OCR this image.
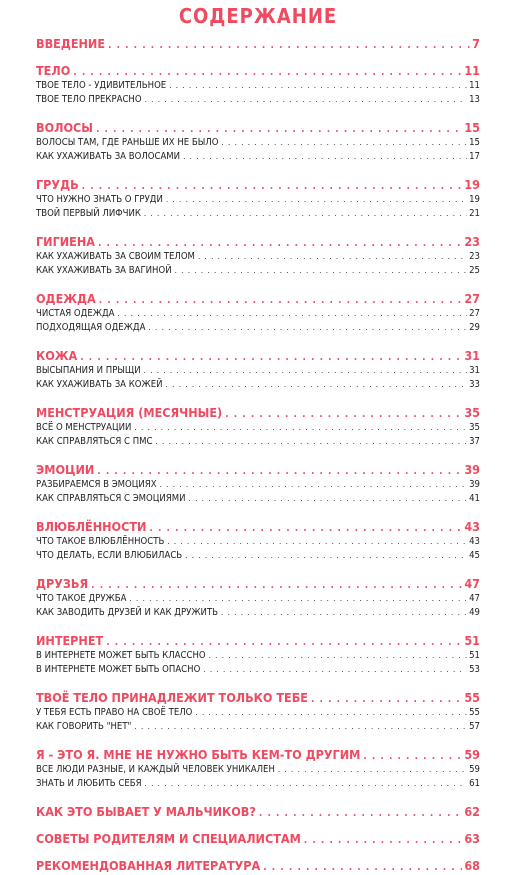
СОДЕРЖАНИЕ
ВВЕДЕНИЕ . . .	7
ТЕЛО . . .	11
ТВОЕ ТЕЛО - УДИВИТЕЛЬНОЕ . . .	11
ТВОЕ ТЕЛО ПРЕКРАСНО . . .	13
ВОЛОСЫ . . .	15
ВОЛОСЫ ТАМ, ГДЕ РАНЬШЕ ИХ НЕ БЫЛО . . .	15
КАК УХАЖИВАТЬ ЗА ВОЛОСАМИ . . .	17
ГРУДЬ . . .	19
ЧТО НУЖНО ЗНАТЬ О ГРУДИ . . .	19
ТВОЙ ПЕРВЫЙ ЛИФЧИК . . .	21
ГИГИЕНА . . .	23
КАК УХАЖИВАТЬ ЗА СВОИМ ТЕЛОМ . . .	23
КАК УХАЖИВАТЬ ЗА ВАГИНОЙ . . .	25
ОДЕЖДА . . .	27
ЧИСТАЯ ОДЕЖДА . . .	27
ПОДХОДЯЩАЯ ОДЕЖДА . . .	29
КОЖА . . .	31
ВЫСЫПАНИЯ И ПРЫЩИ . . .	31
КАК УХАЖИВАТЬ ЗА КОЖЕЙ . . .	33
МЕНСТРУАЦИЯ (МЕСЯЧНЫЕ) . . .	35
ВСЁ О МЕНСТРУАЦИИ . . .	35
КАК СПРАВЛЯТЬСЯ С ПМС . . .	37
ЭМОЦИИ . . .	39
РАЗБИРАЕМСЯ В ЭМОЦИЯХ . . .	39
КАК СПРАВЛЯТЬСЯ С ЭМОЦИЯМИ . . .	41
ВЛЮБЛЁННОСТИ . . .	43
ЧТО ТАКОЕ ВЛЮБЛЁННОСТЬ . . .	43
ЧТО ДЕЛАТЬ, ЕСЛИ ВЛЮБИЛАСЬ . . .	45
ДРУЗЬЯ . . .	47
ЧТО ТАКОЕ ДРУЖБА . . .	47
КАК ЗАВОДИТЬ ДРУЗЕЙ И КАК ДРУЖИТЬ . . .	49
ИНТЕРНЕТ . . .	51
В ИНТЕРНЕТЕ МОЖЕТ БЫТЬ КЛАССНО . . .	51
В ИНТЕРНЕТЕ МОЖЕТ БЫТЬ ОПАСНО . . .	53
ТВОЁ ТЕЛО ПРИНАДЛЕЖИТ ТОЛЬКО ТЕБЕ . . .	55
У ТЕБЯ ЕСТЬ ПРАВО НА СВОЁ ТЕЛО . . .	55
КАК ГОВОРИТЬ "НЕТ" . . .	57
Я - ЭТО Я. МНЕ НЕ НУЖНО БЫТЬ КЕМ-ТО ДРУГИМ . . .	59
ВСЕ ЛЮДИ РАЗНЫЕ, И КАЖДЫЙ ЧЕЛОВЕК УНИКАЛЕН . . .	59
ЗНАТЬ И ЛЮБИТЬ СЕБЯ . . .	61
КАК ЭТО БЫВАЕТ У МАЛЬЧИКОВ? . . .	62
СОВЕТЫ РОДИТЕЛЯМ И СПЕЦИАЛИСТАМ . . .	63
РЕКОМЕНДОВАННАЯ ЛИТЕРАТУРА . . .	68
